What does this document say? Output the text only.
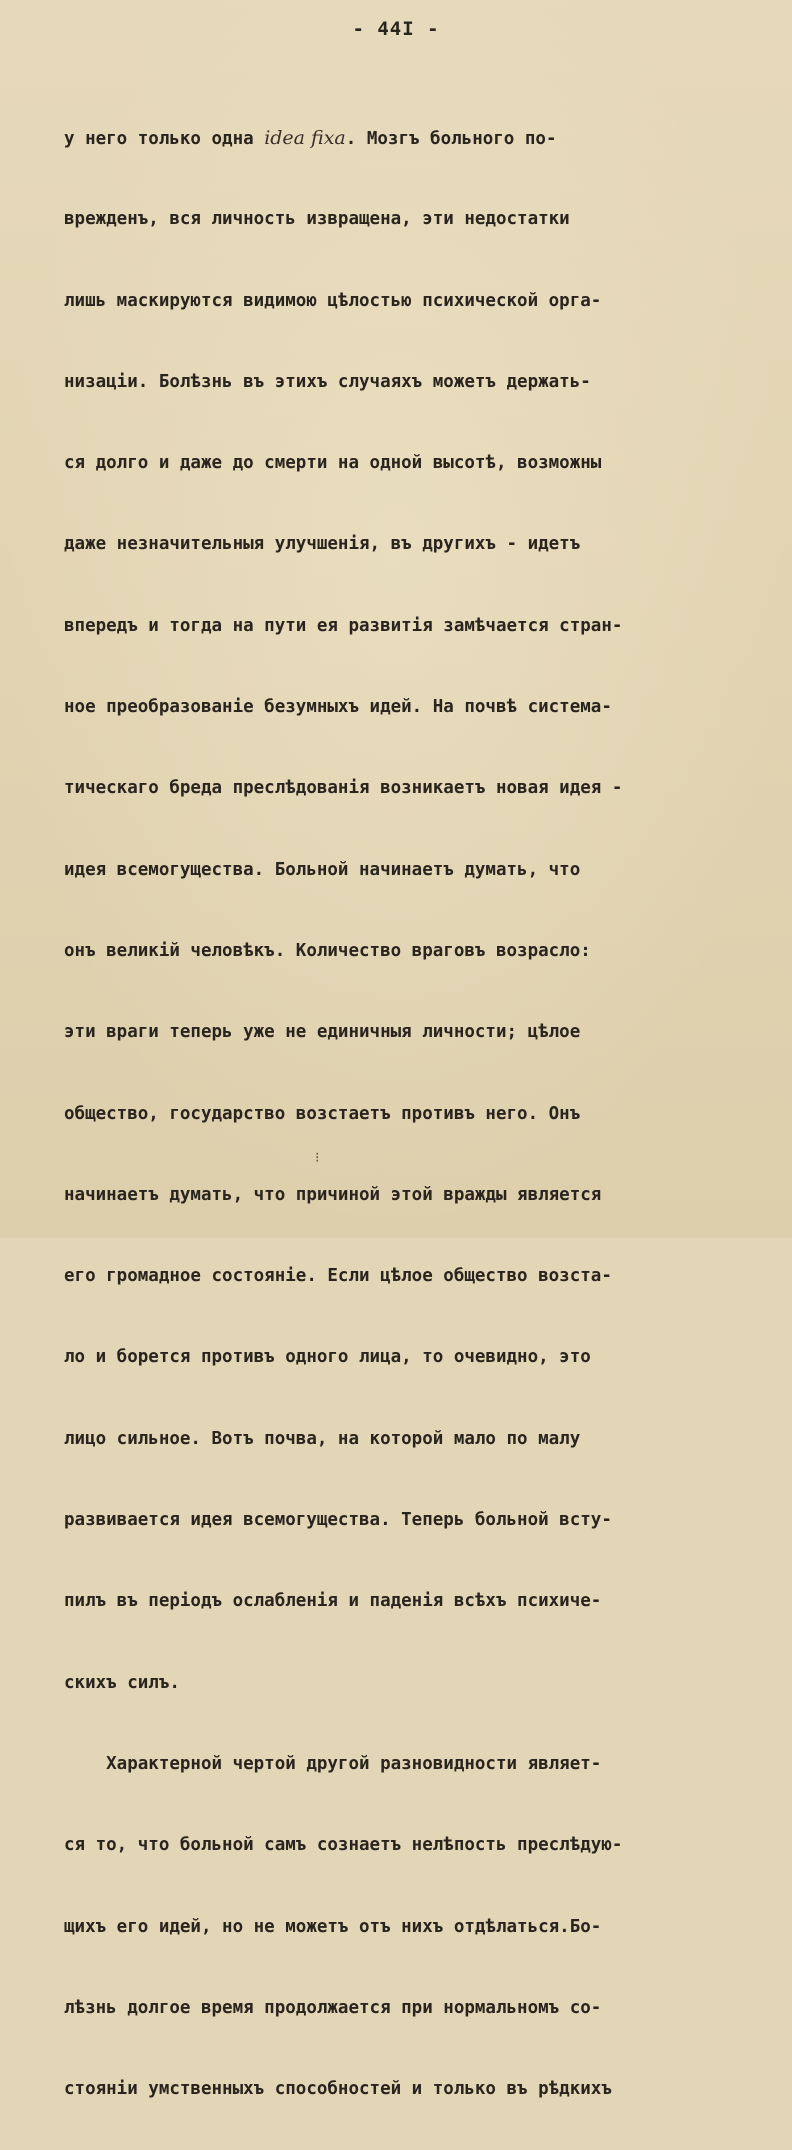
- 44I -

у него только одна idea fixa. Мозгъ больного по-

врежденъ, вся личность извращена, эти недостатки

лишь маскируются видимою цѣлостью психической орга-

низаціи. Болѣзнь въ этихъ случаяхъ можетъ держать-

ся долго и даже до смерти на одной высотѣ, возможны

даже незначительныя улучшенія, въ другихъ - идетъ

впередъ и тогда на пути ея развитія замѣчается стран-

ное преобразованіе безумныхъ идей. На почвѣ система-

тическаго бреда преслѣдованія возникаетъ новая идея -

идея всемогущества. Больной начинаетъ думать, что

онъ великій человѣкъ. Количество враговъ возрасло:

эти враги теперь уже не единичныя личности; цѣлое

общество, государство возстаетъ противъ него. Онъ

начинаетъ думать, что причиной этой вражды является

его громадное состояніе. Если цѣлое общество возста-

ло и борется противъ одного лица, то очевидно, это

лицо сильное. Вотъ почва, на которой мало по малу

развивается идея всемогущества. Теперь больной всту-

пилъ въ періодъ ослабленія и паденія всѣхъ психиче-

скихъ силъ.

Характерной чертой другой разновидности являет-

ся то, что больной самъ сознаетъ нелѣпость преслѣдую-

щихъ его идей, но не можетъ отъ нихъ отдѣлаться.Бо-

лѣзнь долгое время продолжается при нормальномъ со-

стояніи умственныхъ способностей и только въ рѣдкихъ

⁝
